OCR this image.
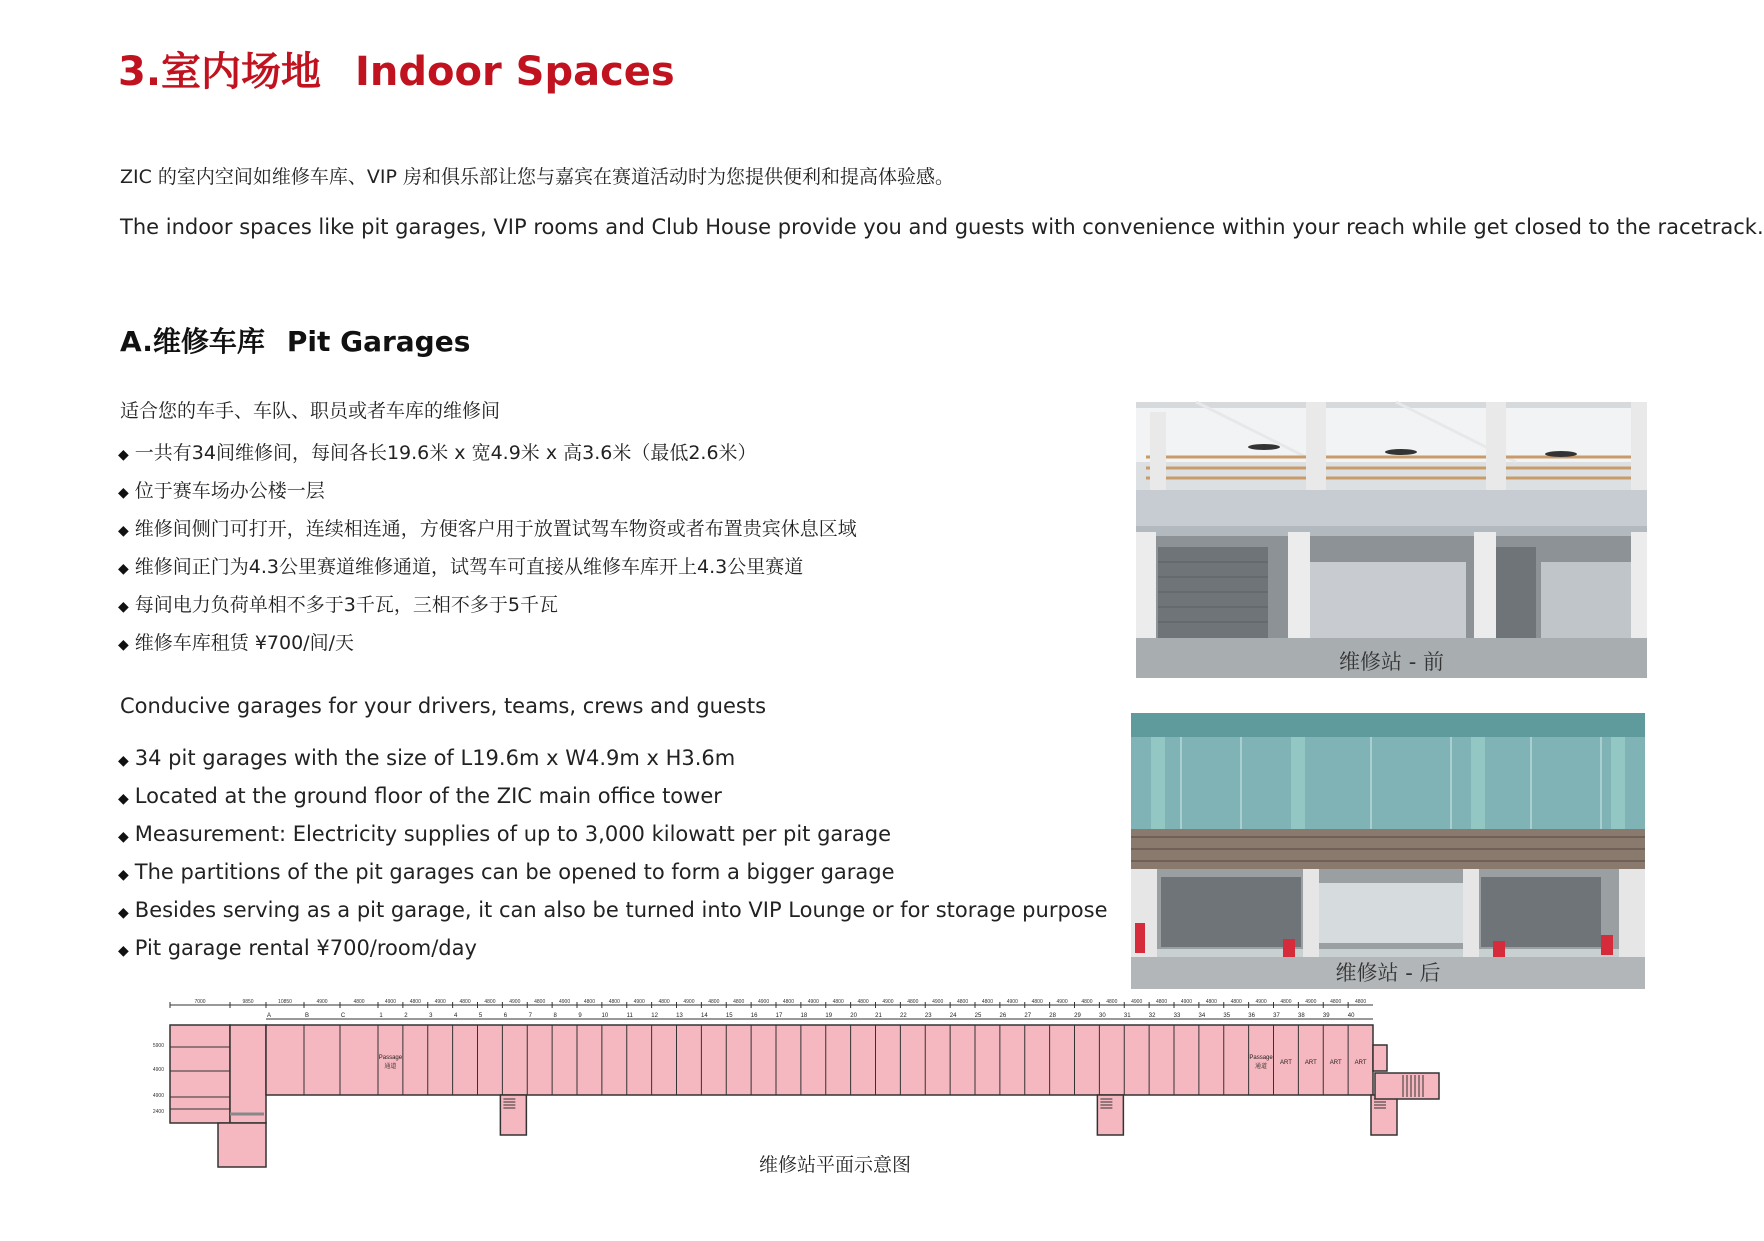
3.室内场地 Indoor Spaces
ZIC 的室内空间如维修车库、VIP 房和俱乐部让您与嘉宾在赛道活动时为您提供便利和提高体验感。
The indoor spaces like pit garages, VIP rooms and Club House provide you and guests with convenience within your reach while get closed to the racetrack.
A.维修车库 Pit Garages
适合您的车手、车队、职员或者车库的维修间
◆ 一共有34间维修间，每间各长19.6米 x 宽4.9米 x 高3.6米（最低2.6米）
◆ 位于赛车场办公楼一层
◆ 维修间侧门可打开，连续相连通，方便客户用于放置试驾车物资或者布置贵宾休息区域
◆ 维修间正门为4.3公里赛道维修通道，试驾车可直接从维修车库开上4.3公里赛道
◆ 每间电力负荷单相不多于3千瓦，三相不多于5千瓦
◆ 维修车库租赁 ¥700/间/天
Conducive garages for your drivers, teams, crews and guests
◆ 34 pit garages with the size of L19.6m x W4.9m x H3.6m
◆ Located at the ground floor of the ZIC main office tower
◆ Measurement: Electricity supplies of up to 3,000 kilowatt per pit garage
◆ The partitions of the pit garages can be opened to form a bigger garage
◆ Besides serving as a pit garage, it can also be turned into VIP Lounge or for storage purpose
◆ Pit garage rental ¥700/room/day
维修站 - 前
维修站 - 后
7000	9850	10850	4900	4800	4900	4800	4900	4800	4800	4900	4800	4900	4800	4800	4900	4800	4900	4800	4800	4900	4800	4900	4800	4800	4900	4800	4900	4800	4800	4900	4800	4900	4800	4800	4900	4800	4900	4800	4800	4900	4800	4900	4800	4800
A	B	C	1	2	3	4	5	6	7	8	9	10	11	12	13	14	15	16	17	18	19	20	21	22	23	24	25	26	27	28	29	30	31	32	33	34	35	36	37	38	39	40
5900
4900
4900
2400
Passage
通道
Passage
通道
ART ART ART ART
维修站平面示意图
